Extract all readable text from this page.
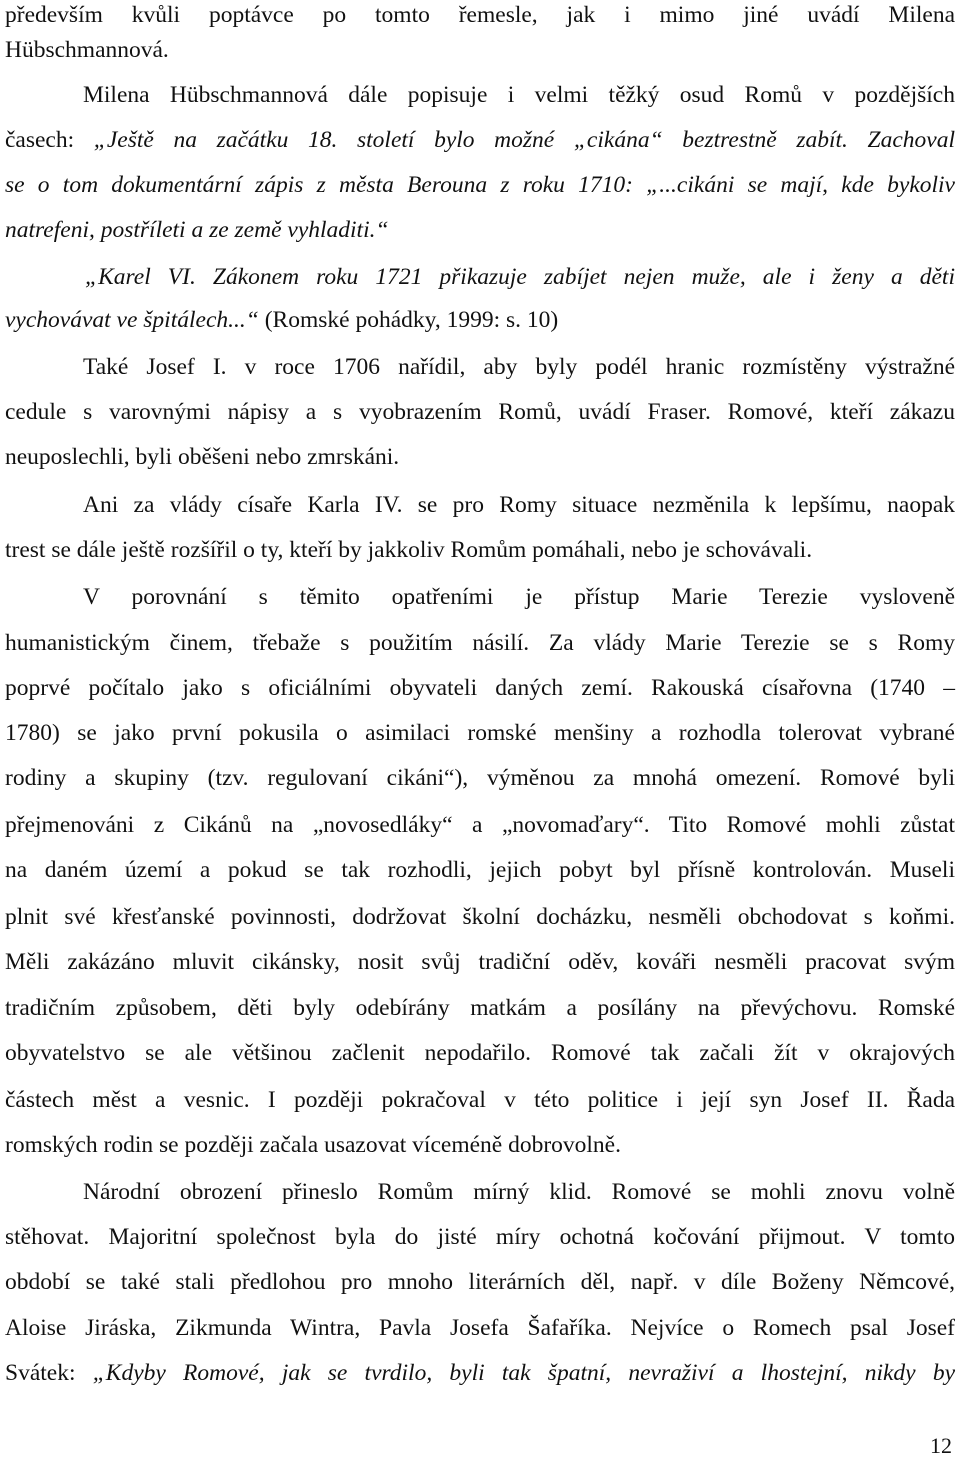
především kvůli poptávce po tomto řemesle, jak i mimo jiné uvádí Milena
Hübschmannová.
Milena Hübschmannová dále popisuje i velmi těžký osud Romů v pozdějších
časech: „Ještě na začátku 18. století bylo možné „cikána“ beztrestně zabít. Zachoval
se o tom dokumentární zápis z města Berouna z roku 1710: „...cikáni se mají, kde bykoliv
natrefeni, postříleti a ze země vyhladiti.“
„Karel VI. Zákonem roku 1721 přikazuje zabíjet nejen muže, ale i ženy a děti
vychovávat ve špitálech...“ (Romské pohádky, 1999: s. 10)
Také Josef I. v roce 1706 nařídil, aby byly podél hranic rozmístěny výstražné
cedule s varovnými nápisy a s vyobrazením Romů, uvádí Fraser. Romové, kteří zákazu
neuposlechli, byli oběšeni nebo zmrskáni.
Ani za vlády císaře Karla IV. se pro Romy situace nezměnila k lepšímu, naopak
trest se dále ještě rozšířil o ty, kteří by jakkoliv Romům pomáhali, nebo je schovávali.
V porovnání s těmito opatřeními je přístup Marie Terezie vysloveně
humanistickým činem, třebaže s použitím násilí. Za vlády Marie Terezie se s Romy
poprvé počítalo jako s oficiálními obyvateli daných zemí. Rakouská císařovna (1740 –
1780) se jako první pokusila o asimilaci romské menšiny a rozhodla tolerovat vybrané
rodiny a skupiny (tzv. regulovaní cikáni“), výměnou za mnohá omezení. Romové byli
přejmenováni z Cikánů na „novosedláky“ a „novomaďary“. Tito Romové mohli zůstat
na daném území a pokud se tak rozhodli, jejich pobyt byl přísně kontrolován. Museli
plnit své křesťanské povinnosti, dodržovat školní docházku, nesměli obchodovat s koňmi.
Měli zakázáno mluvit cikánsky, nosit svůj tradiční oděv, kováři nesměli pracovat svým
tradičním způsobem, děti byly odebírány matkám a posílány na převýchovu. Romské
obyvatelstvo se ale většinou začlenit nepodařilo. Romové tak začali žít v okrajových
částech měst a vesnic. I později pokračoval v této politice i její syn Josef II. Řada
romských rodin se později začala usazovat víceméně dobrovolně.
Národní obrození přineslo Romům mírný klid. Romové se mohli znovu volně
stěhovat. Majoritní společnost byla do jisté míry ochotná kočování přijmout. V tomto
období se také stali předlohou pro mnoho literárních děl, např. v díle Boženy Němcové,
Aloise Jiráska, Zikmunda Wintra, Pavla Josefa Šafaříka. Nejvíce o Romech psal Josef
Svátek: „Kdyby Romové, jak se tvrdilo, byli tak špatní, nevraživí a lhostejní, nikdy by
12
